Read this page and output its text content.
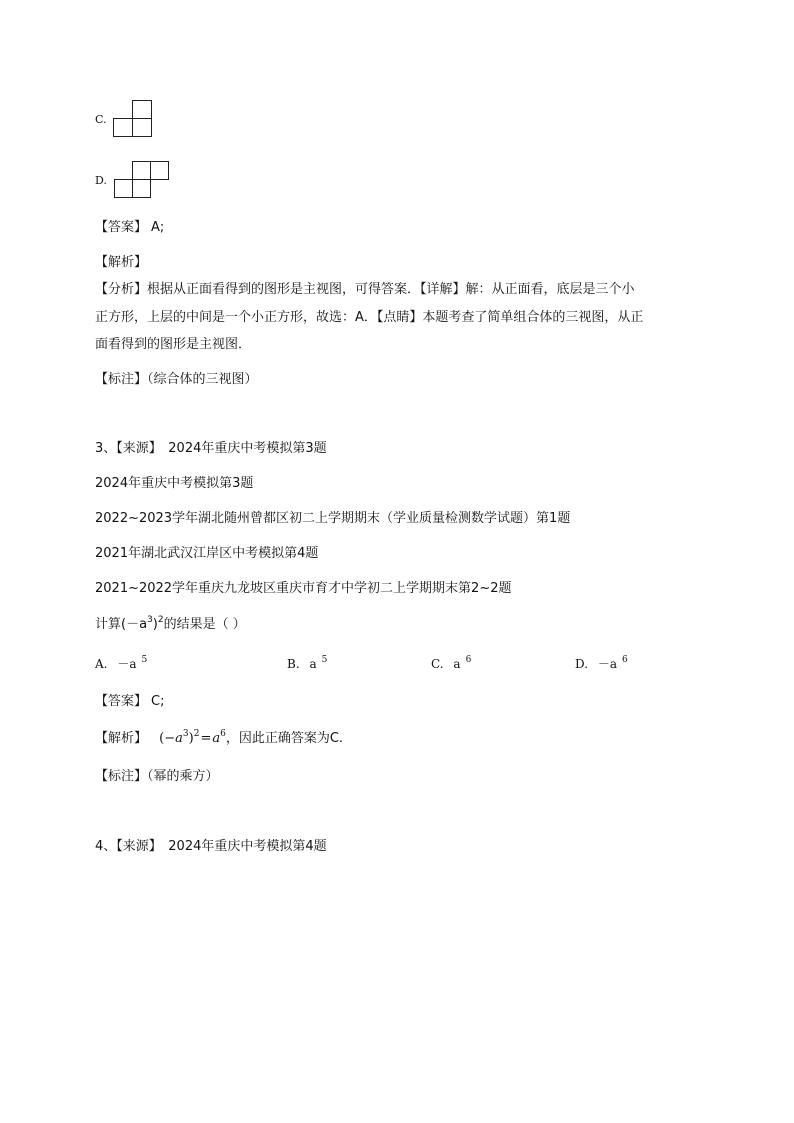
C.
D.
【答案】 A;
【解析】
【分析】根据从正面看得到的图形是主视图，可得答案．【详解】解：从正面看，底层是三个小
正方形，上层的中间是一个小正方形，故选：A．【点睛】本题考查了简单组合体的三视图，从正
面看得到的图形是主视图．
【标注】（综合体的三视图）
3、【来源】　2024年重庆中考模拟第3题
2024年重庆中考模拟第3题
2022~2023学年湖北随州曾都区初二上学期期末（学业质量检测数学试题）第1题
2021年湖北武汉江岸区中考模拟第4题
2021~2022学年重庆九龙坡区重庆市育才中学初二上学期期末第2~2题
计算$(-a^3)^2$的结果是（ ）
A. －a $^5$	B. a $^5$	C. a $^6$	D. －a $^6$
【答案】 C;
【解析】 $(-a^3)^2=a^6$，因此正确答案为C.
【标注】（幂的乘方）
4、【来源】　2024年重庆中考模拟第4题
